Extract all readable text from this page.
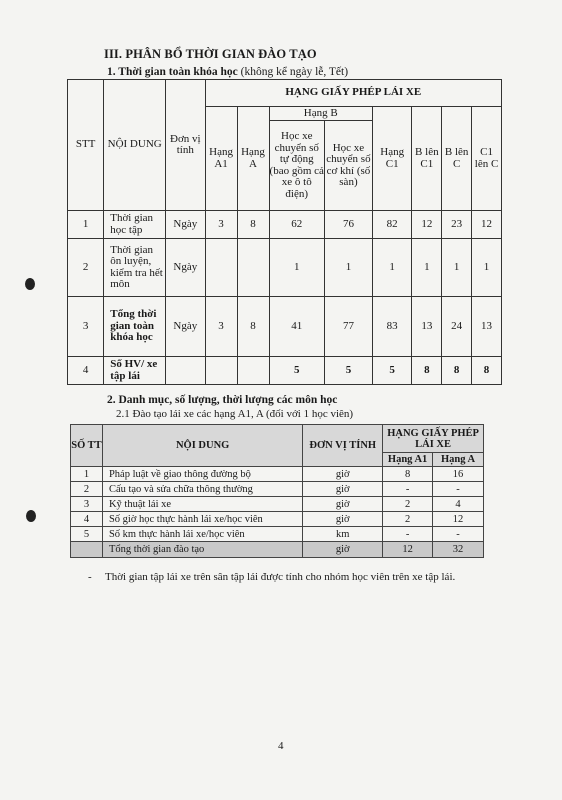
III. PHÂN BỔ THỜI GIAN ĐÀO TẠO
1. Thời gian toàn khóa học (không kể ngày lễ, Tết)
STT	NỘI DUNG	Đơn vị tính	HẠNG GIẤY PHÉP LÁI XE							
			Hạng A1	Hạng A	Hạng B		Hạng C1	B lên C1	B lên C	C1 lên C
					Học xe chuyển số tự động (bao gồm cả xe ô tô điện)	Học xe chuyển số cơ khí (số sàn)				
1	Thời gian học tập	Ngày	3	8	62	76	82	12	23	12
2	Thời gian ôn luyện, kiểm tra hết môn	Ngày			1	1	1	1	1	1
3	Tổng thời gian toàn khóa học	Ngày	3	8	41	77	83	13	24	13
4	Số HV/ xe tập lái				5	5	5	8	8	8
2. Danh mục, số lượng, thời lượng các môn học
2.1 Đào tạo lái xe các hạng A1, A (đối với 1 học viên)
SỐ TT	NỘI DUNG	ĐƠN VỊ TÍNH	HẠNG GIẤY PHÉP LÁI XE	
			Hạng A1	Hạng A
1	Pháp luật về giao thông đường bộ	giờ	8	16
2	Cấu tạo và sửa chữa thông thường	giờ	-	-
3	Kỹ thuật lái xe	giờ	2	4
4	Số giờ học thực hành lái xe/học viên	giờ	2	12
5	Số km thực hành lái xe/học viên	km	-	-
	Tổng thời gian đào tạo	giờ	12	32
- Thời gian tập lái xe trên sân tập lái được tính cho nhóm học viên trên xe tập lái.
4
